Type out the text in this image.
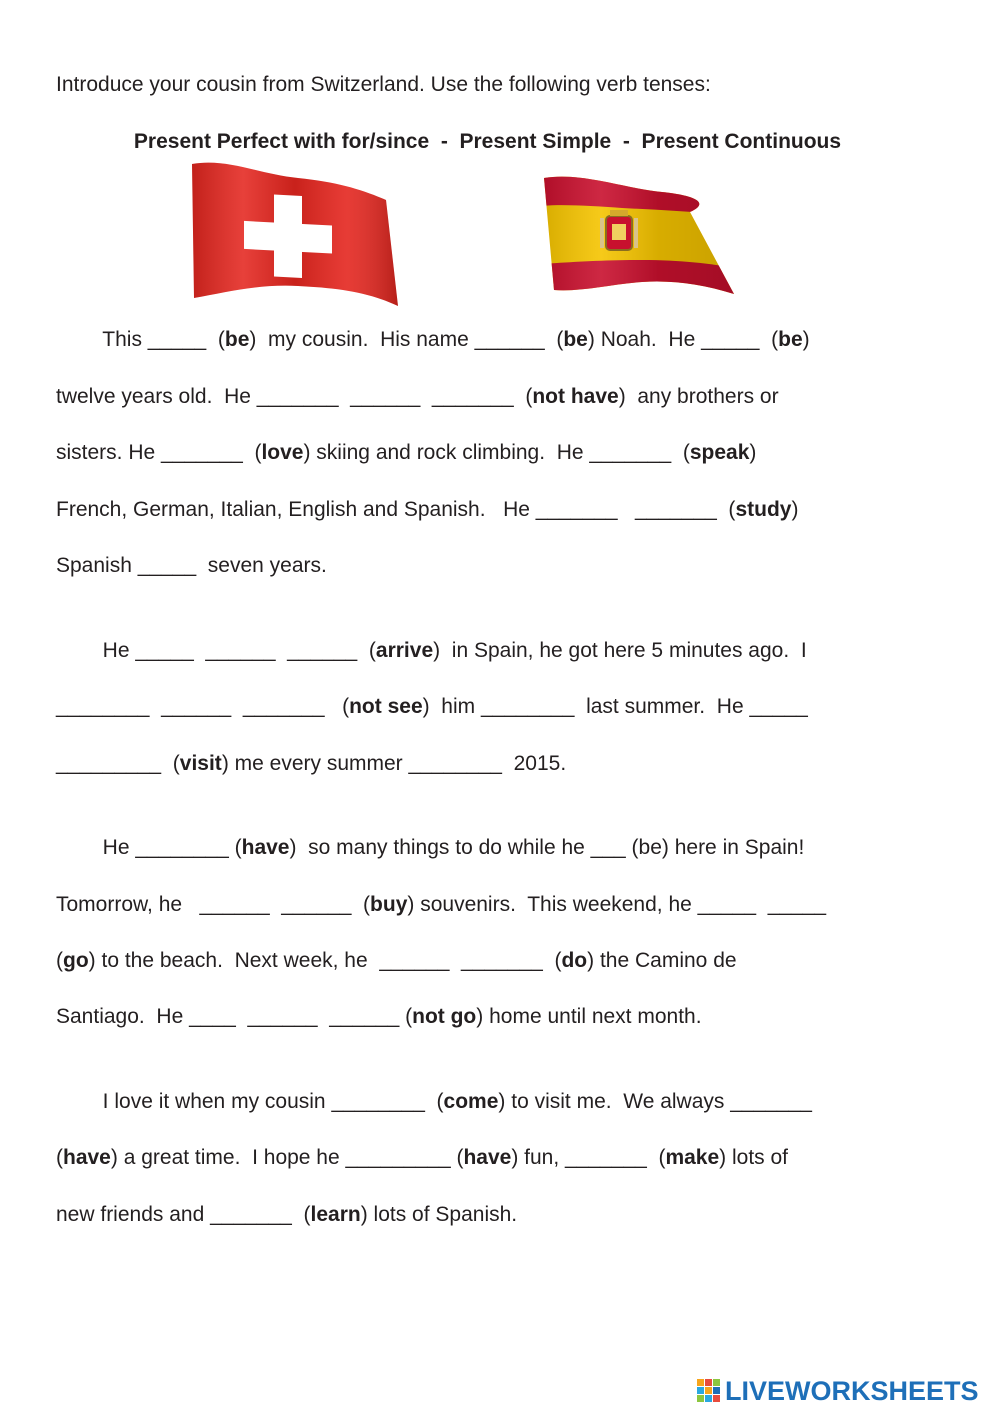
Introduce your cousin from Switzerland. Use the following verb tenses:
Present Perfect with for/since  -  Present Simple  -  Present Continuous
This _____  (be)  my cousin.  His name ______  (be) Noah.  He _____  (be)
twelve years old.  He _______  ______  _______  (not have)  any brothers or
sisters. He _______  (love) skiing and rock climbing.  He _______  (speak)
French, German, Italian, English and Spanish.   He _______   _______  (study)
Spanish _____  seven years.
He _____  ______  ______  (arrive)  in Spain, he got here 5 minutes ago.  I
________  ______  _______   (not see)  him ________  last summer.  He _____
_________  (visit) me every summer ________  2015.
He ________ (have)  so many things to do while he ___ (be) here in Spain!
Tomorrow, he   ______  ______  (buy) souvenirs.  This weekend, he _____  _____
(go) to the beach.  Next week, he  ______  _______  (do) the Camino de
Santiago.  He ____  ______  ______ (not go) home until next month.
I love it when my cousin ________  (come) to visit me.  We always _______
(have) a great time.  I hope he _________ (have) fun, _______  (make) lots of
new friends and _______  (learn) lots of Spanish.
LIVEWORKSHEETS
